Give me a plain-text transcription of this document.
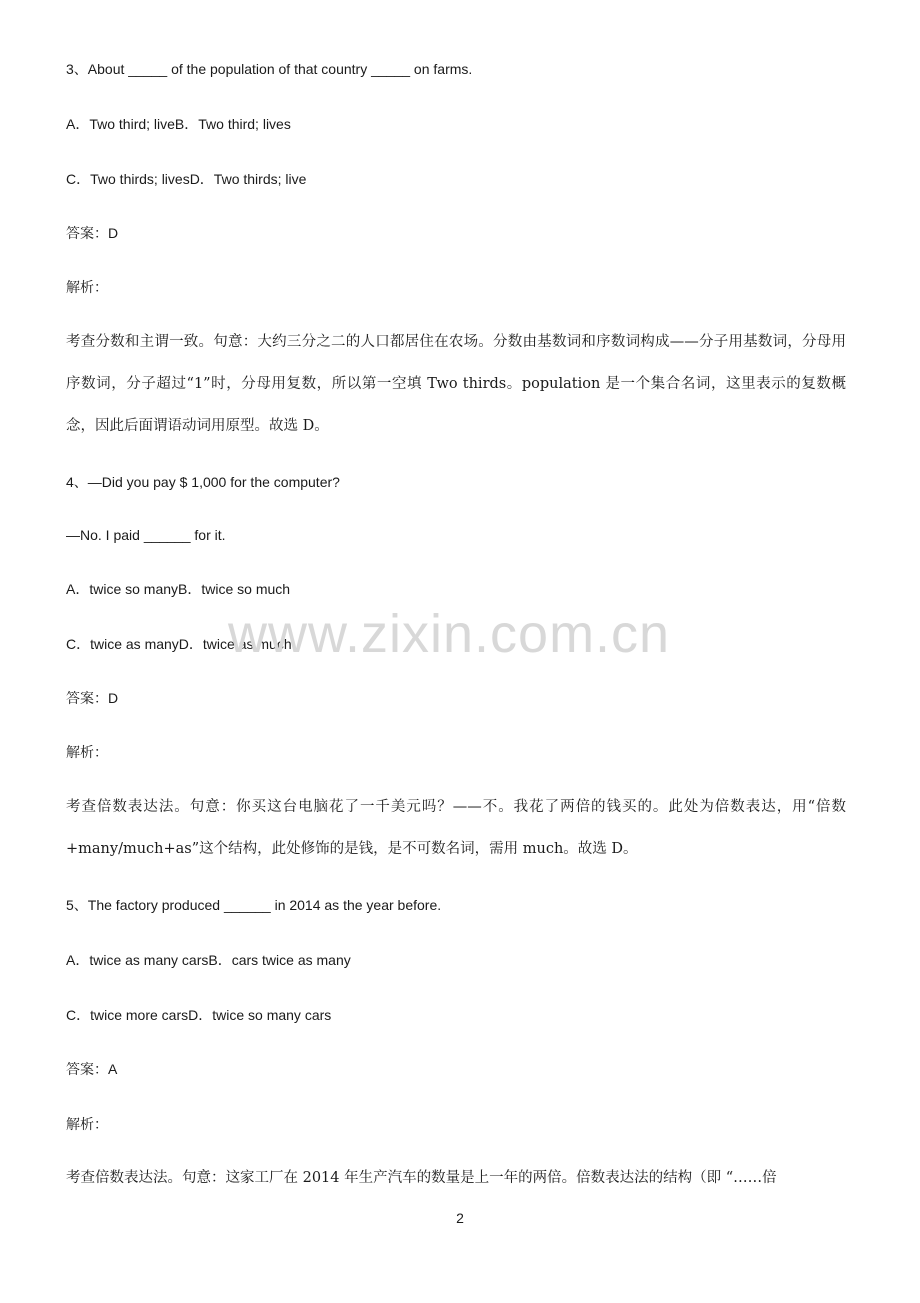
3、About _____ of the population of that country _____ on farms.
A．Two third; liveB．Two third; lives
C．Two thirds; livesD．Two thirds; live
答案：D
解析：
考查分数和主谓一致。句意：大约三分之二的人口都居住在农场。分数由基数词和序数词构成——分子用基数词，分母用序数词，分子超过“1”时，分母用复数，所以第一空填 Two thirds。population 是一个集合名词，这里表示的复数概念，因此后面谓语动词用原型。故选 D。
4、—Did you pay $ 1,000 for the computer?
—No. I paid ______ for it.
A．twice so manyB．twice so much
C．twice as manyD．twice as much
答案：D
解析：
考查倍数表达法。句意：你买这台电脑花了一千美元吗？——不。我花了两倍的钱买的。此处为倍数表达，用“倍数+many/much+as”这个结构，此处修饰的是钱，是不可数名词，需用 much。故选 D。
5、The factory produced ______ in 2014 as the year before.
A．twice as many carsB．cars twice as many
C．twice more carsD．twice so many cars
答案：A
解析：
考查倍数表达法。句意：这家工厂在 2014 年生产汽车的数量是上一年的两倍。倍数表达法的结构（即 “……倍
www.zixin.com.cn
2
